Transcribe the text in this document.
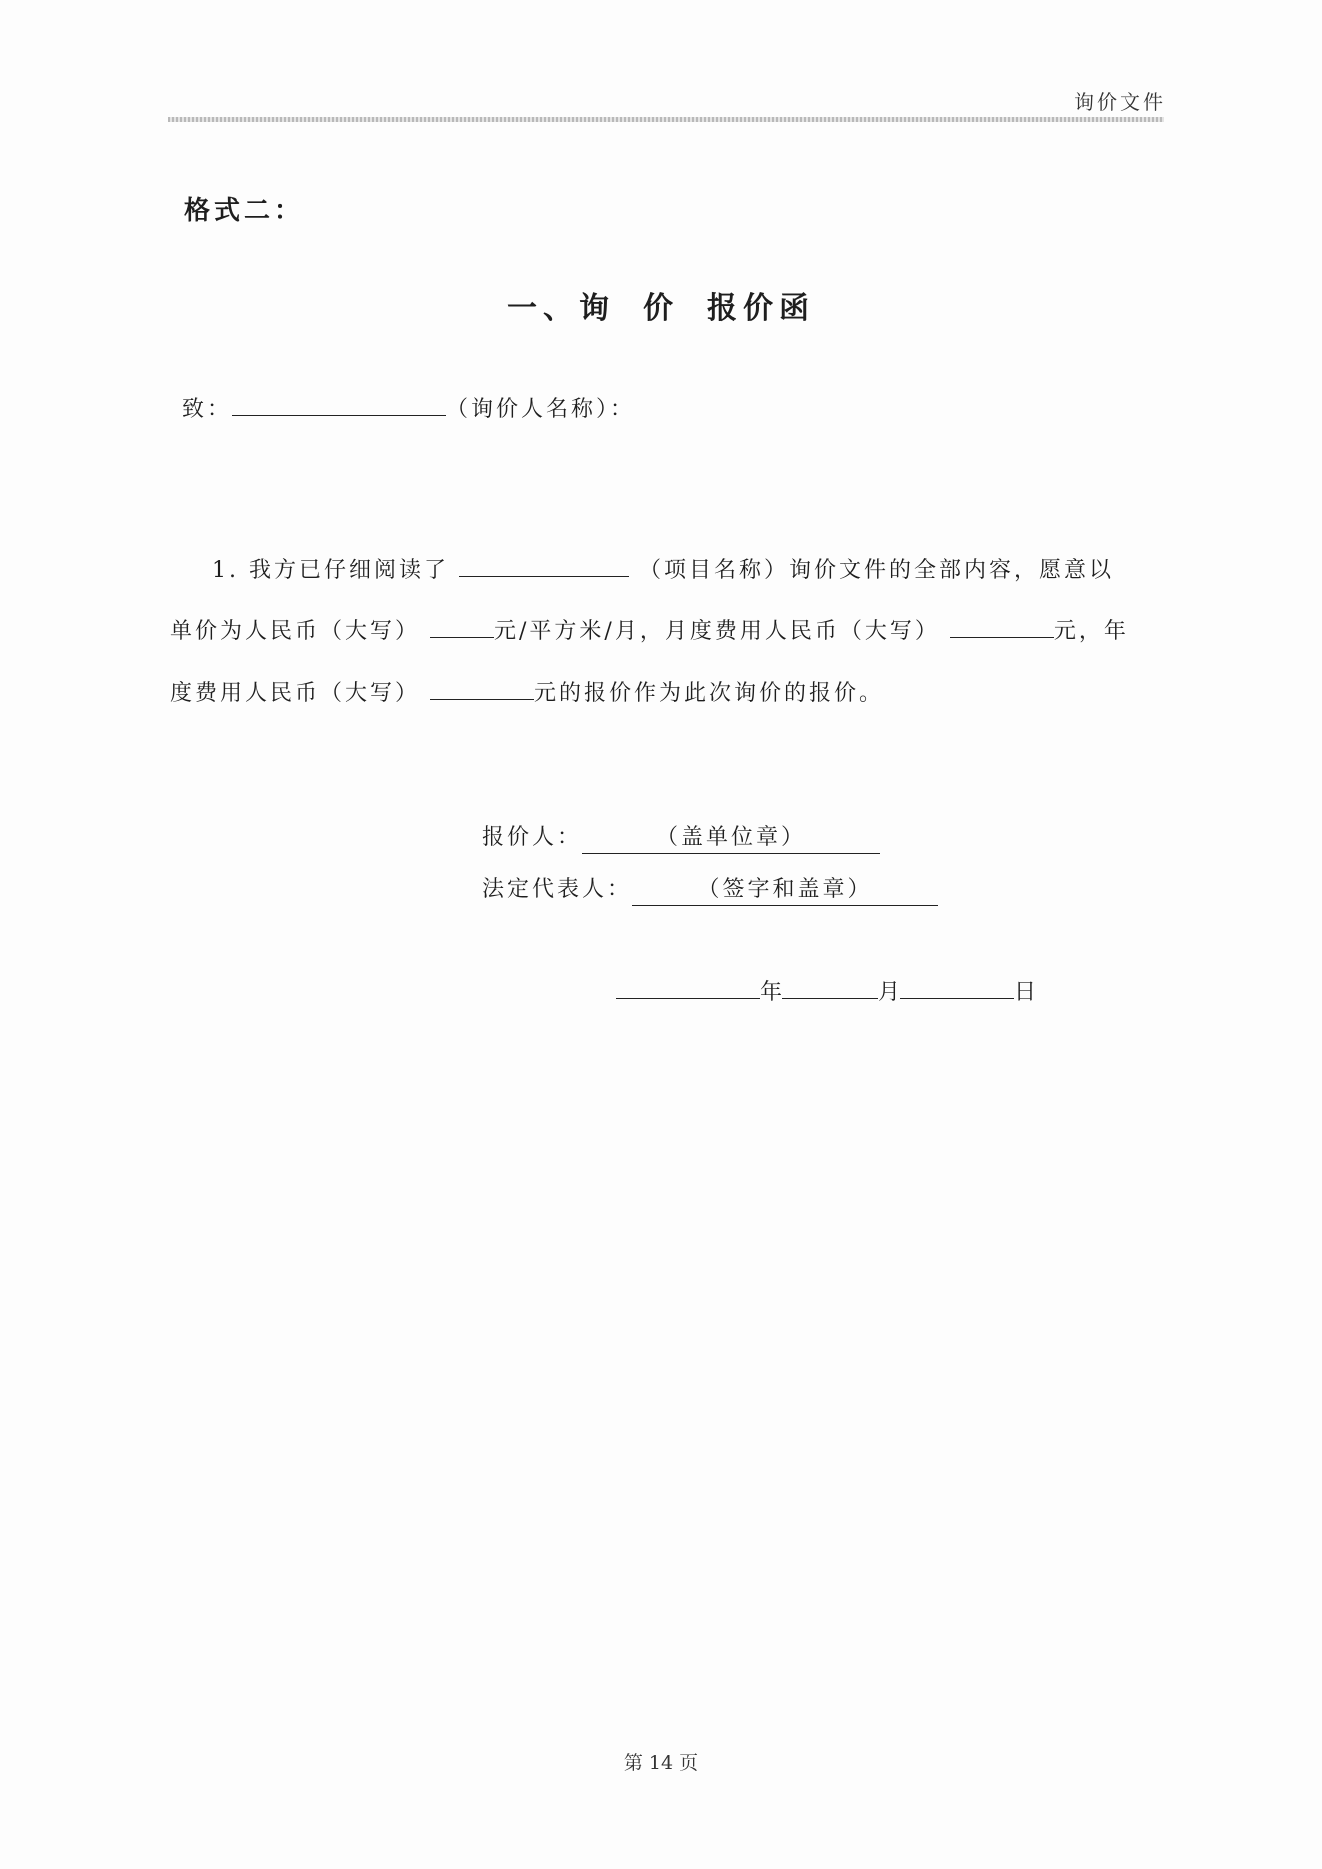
询价文件
格式二：
一、询 价 报价函
致：	（询价人名称）：
1. 我方已仔细阅读了	（项目名称）询价文件的全部内容，愿意以
单价为人民币（大写）	元/平方米/月，月度费用人民币（大写）	元，年
度费用人民币（大写）	元的报价作为此次询价的报价。
报价人：	（盖单位章）
法定代表人：	（签字和盖章）
年	月	日
第 14 页
